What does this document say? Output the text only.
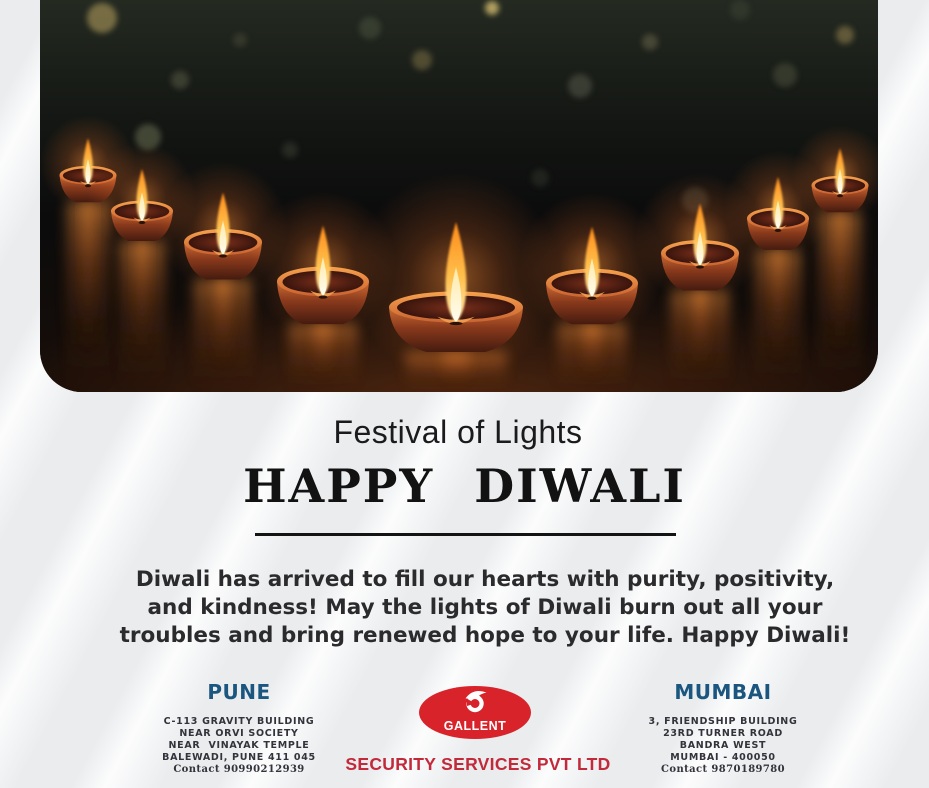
Festival of Lights
HAPPY DIWALI
Diwali has arrived to fill our hearts with purity, positivity,
and kindness! May the lights of Diwali burn out all your
troubles and bring renewed hope to your life. Happy Diwali!
PUNE
C-113 GRAVITY BUILDING
NEAR ORVI SOCIETY
NEAR  VINAYAK TEMPLE
BALEWADI, PUNE 411 045
Contact 90990212939
GALLENT
SECURITY SERVICES PVT LTD
MUMBAI
3, FRIENDSHIP BUILDING
23RD TURNER ROAD
BANDRA WEST
MUMBAI - 400050
Contact 9870189780
